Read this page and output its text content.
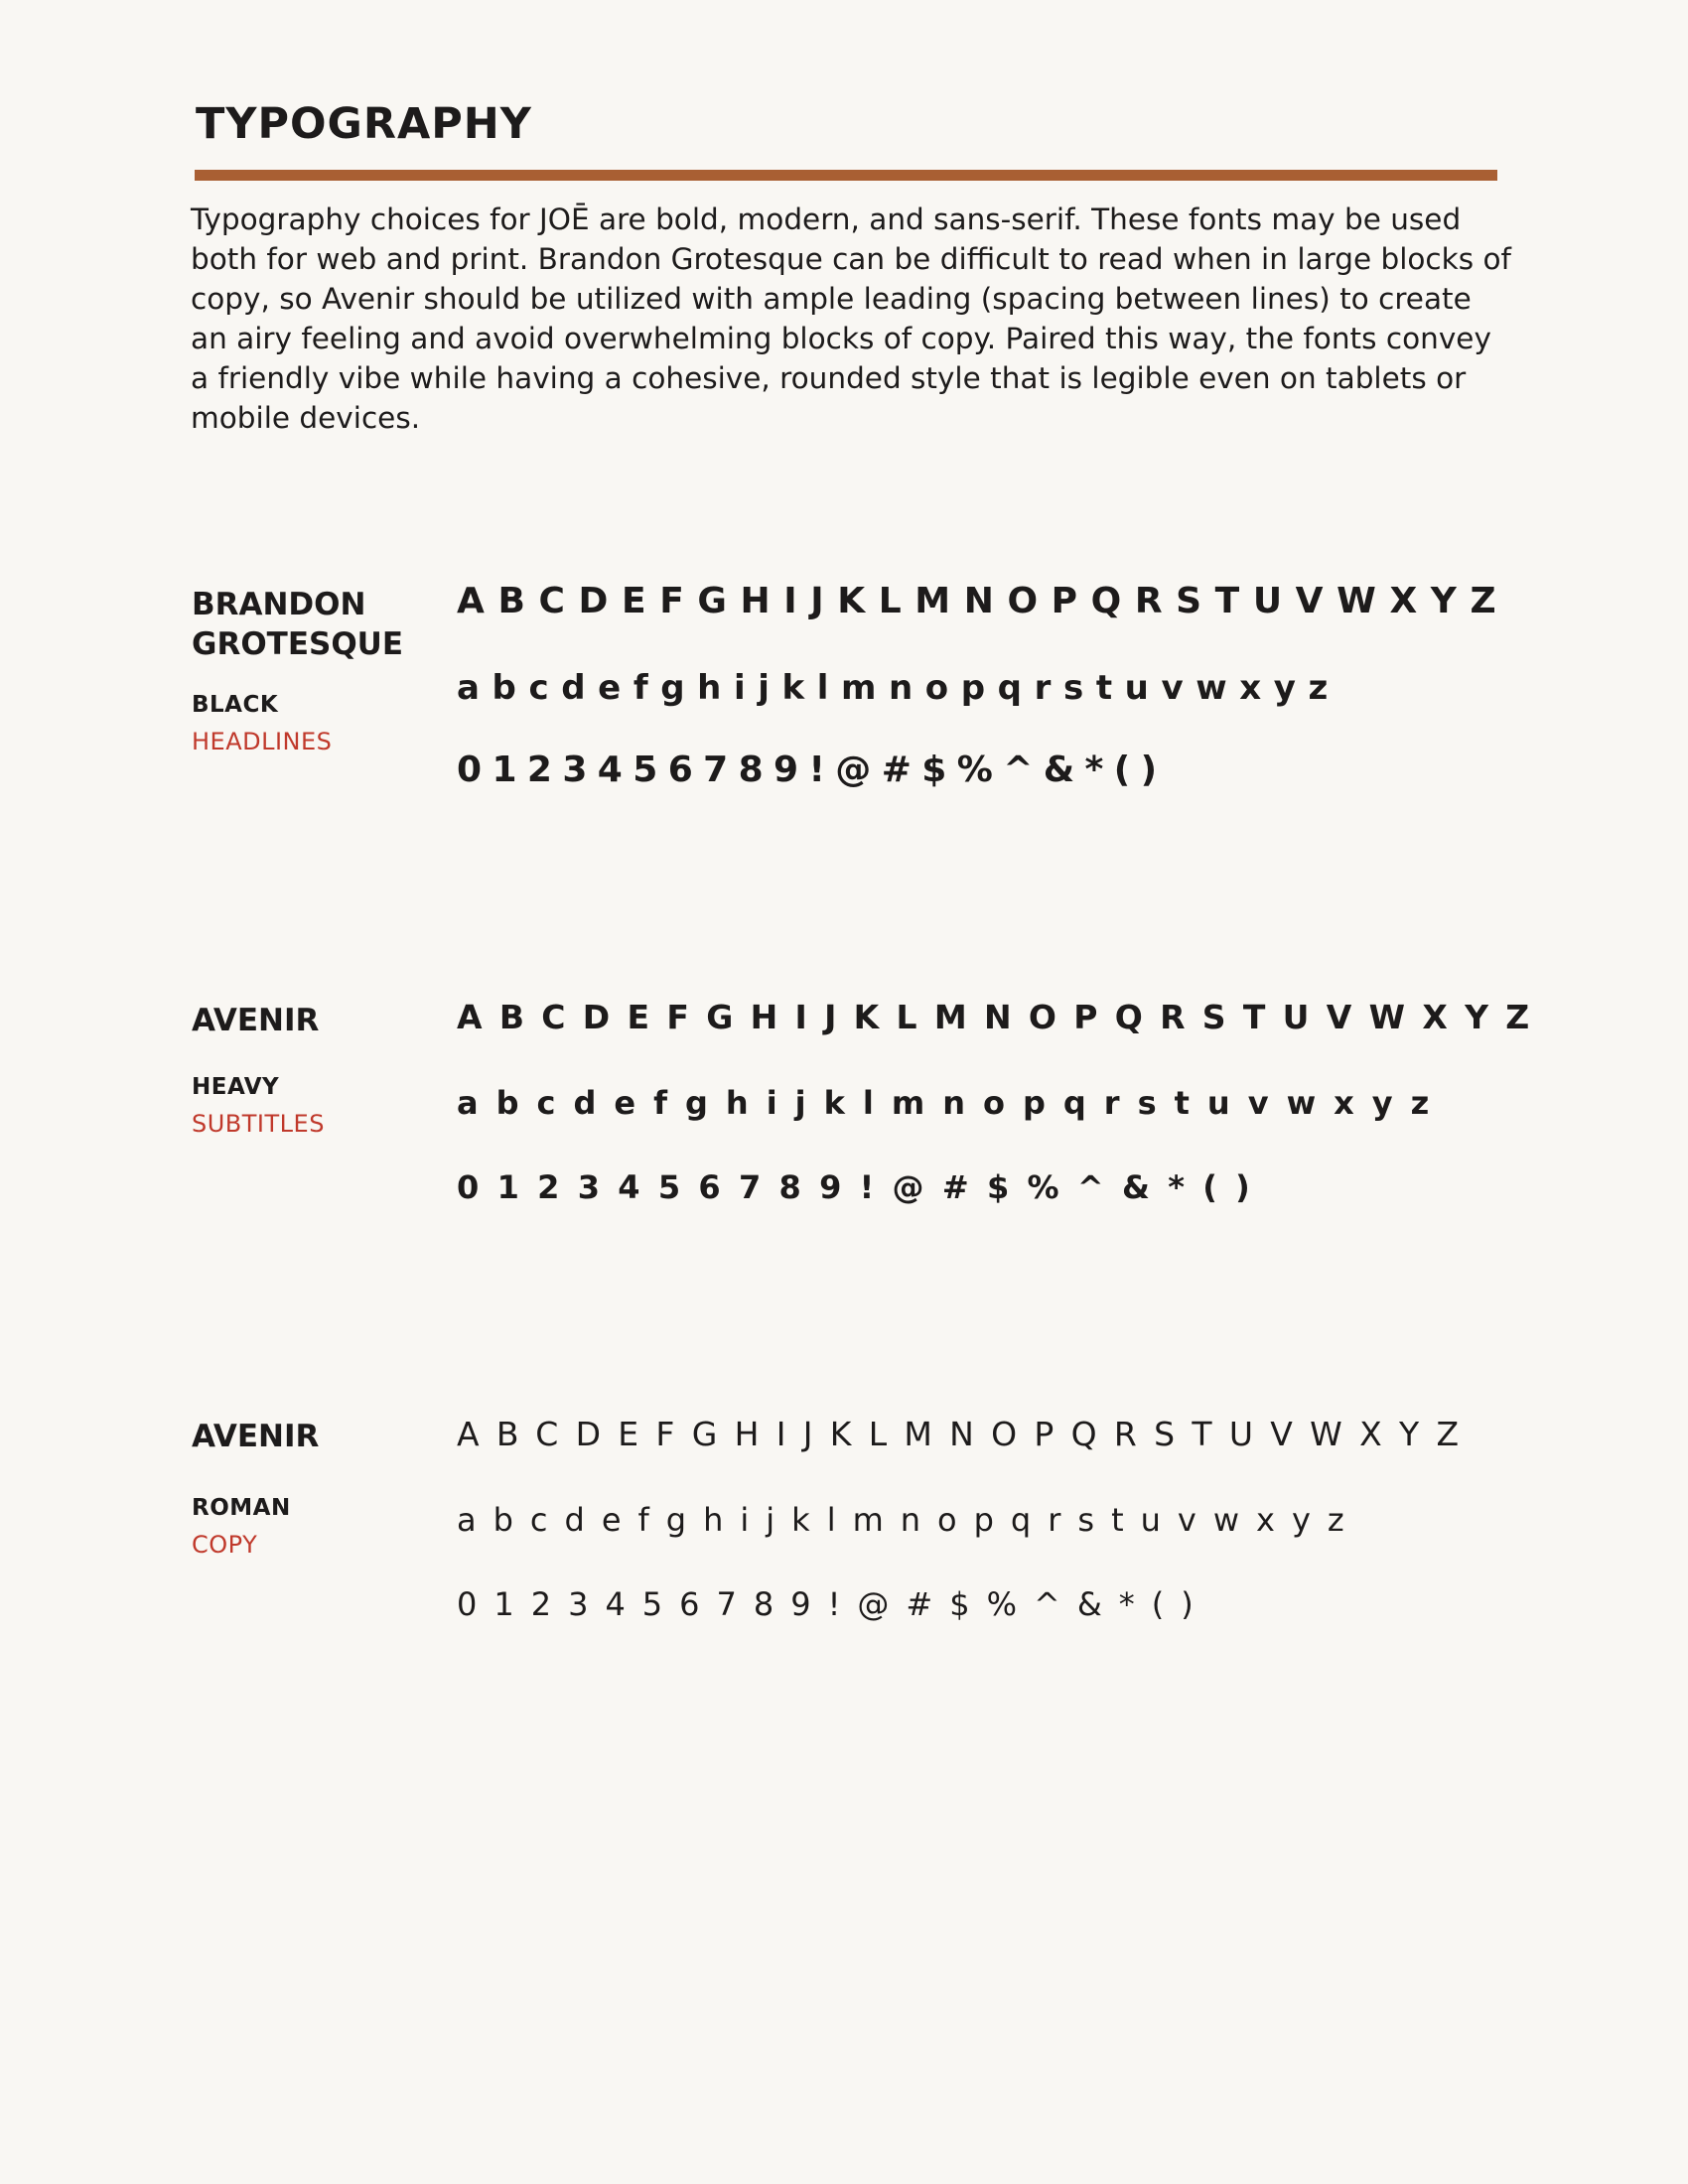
TYPOGRAPHY

Typography choices for JOĒ are bold, modern, and sans-serif. These fonts may be used both for web and print. Brandon Grotesque can be difficult to read when in large blocks of copy, so Avenir should be utilized with ample leading (spacing between lines) to create an airy feeling and avoid overwhelming blocks of copy. Paired this way, the fonts convey a friendly vibe while having a cohesive, rounded style that is legible even on tablets or mobile devices.

BRANDON
GROTESQUE
BLACK
HEADLINES
ABCDEFGHIJKLMNOPQRSTUVWXYZ
abcdefghijklmnopqrstuvwxyz
0123456789!@#$%^&*()
AVENIR
HEAVY
SUBTITLES
ABCDEFGHIJKLMNOPQRSTUVWXYZ
abcdefghijklmnopqrstuvwxyz
0123456789!@#$%^&*()
AVENIR
ROMAN
COPY
ABCDEFGHIJKLMNOPQRSTUVWXYZ
abcdefghijklmnopqrstuvwxyz
0123456789!@#$%^&*()
